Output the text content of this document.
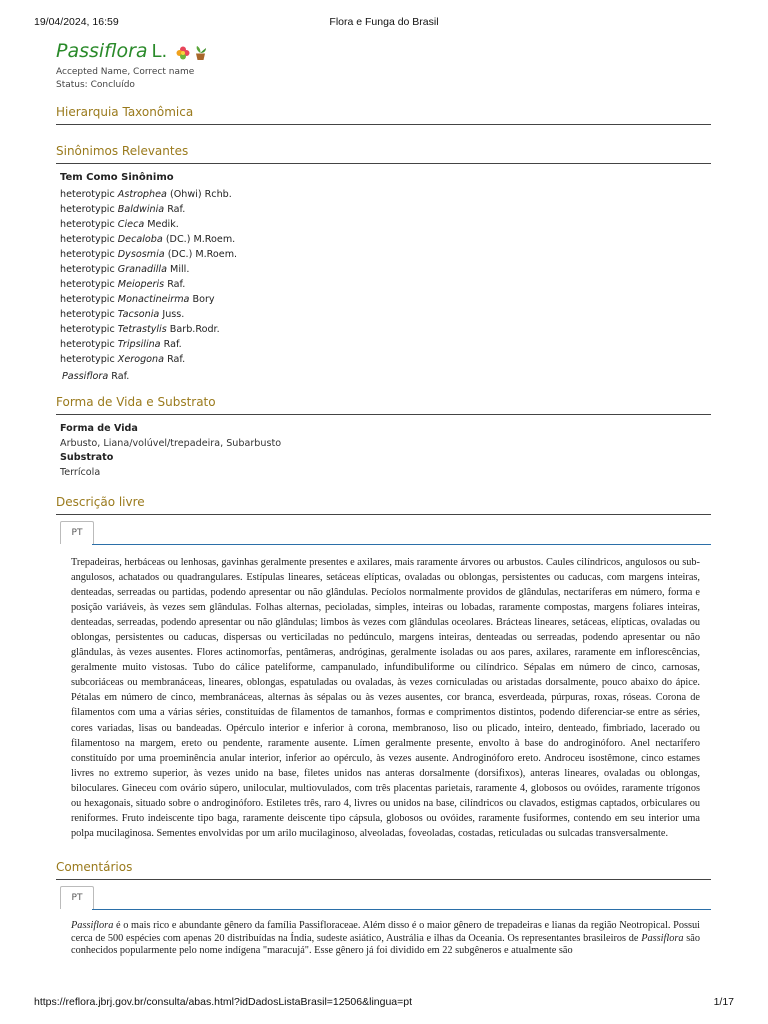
19/04/2024, 16:59	Flora e Funga do Brasil
Passiflora L.
Accepted Name, Correct name
Status: Concluído
Hierarquia Taxonômica
Sinônimos Relevantes
Tem Como Sinônimo
heterotypic Astrophea (Ohwi) Rchb.
heterotypic Baldwinia Raf.
heterotypic Cieca Medik.
heterotypic Decaloba (DC.) M.Roem.
heterotypic Dysosmia (DC.) M.Roem.
heterotypic Granadilla Mill.
heterotypic Meioperis Raf.
heterotypic Monactineirma Bory
heterotypic Tacsonia Juss.
heterotypic Tetrastylis Barb.Rodr.
heterotypic Tripsilina Raf.
heterotypic Xerogona Raf.
Passiflora Raf.
Forma de Vida e Substrato
Forma de Vida
Arbusto, Liana/volúvel/trepadeira, Subarbusto
Substrato
Terrícola
Descrição livre
PT
Trepadeiras, herbáceas ou lenhosas, gavinhas geralmente presentes e axilares, mais raramente árvores ou arbustos. Caules cilíndricos, angulosos ou sub-angulosos, achatados ou quadrangulares. Estípulas lineares, setáceas elípticas, ovaladas ou oblongas, persistentes ou caducas, com margens inteiras, denteadas, serreadas ou partidas, podendo apresentar ou não glândulas. Pecíolos normalmente providos de glândulas, nectaríferas em número, forma e posição variáveis, às vezes sem glândulas. Folhas alternas, pecioladas, simples, inteiras ou lobadas, raramente compostas, margens foliares inteiras, denteadas, serreadas, podendo apresentar ou não glândulas; limbos às vezes com glândulas oceolares. Brácteas lineares, setáceas, elípticas, ovaladas ou oblongas, persistentes ou caducas, dispersas ou verticiladas no pedúnculo, margens inteiras, denteadas ou serreadas, podendo apresentar ou não glândulas, às vezes ausentes. Flores actinomorfas, pentâmeras, andróginas, geralmente isoladas ou aos pares, axilares, raramente em inflorescências, geralmente muito vistosas. Tubo do cálice pateliforme, campanulado, infundibuliforme ou cilíndrico. Sépalas em número de cinco, carnosas, subcoriáceas ou membranáceas, lineares, oblongas, espatuladas ou ovaladas, às vezes corniculadas ou aristadas dorsalmente, pouco abaixo do ápice. Pétalas em número de cinco, membranáceas, alternas às sépalas ou às vezes ausentes, cor branca, esverdeada, púrpuras, roxas, róseas. Corona de filamentos com uma a várias séries, constituídas de filamentos de tamanhos, formas e comprimentos distintos, podendo diferenciar-se entre as séries, cores variadas, lisas ou bandeadas. Opérculo interior e inferior à corona, membranoso, liso ou plicado, inteiro, denteado, fimbriado, lacerado ou filamentoso na margem, ereto ou pendente, raramente ausente. Límen geralmente presente, envolto à base do androginóforo. Anel nectarífero constituído por uma proeminência anular interior, inferior ao opérculo, às vezes ausente. Androginóforo ereto. Androceu isostêmone, cinco estames livres no extremo superior, às vezes unido na base, filetes unidos nas anteras dorsalmente (dorsifixos), anteras lineares, ovaladas ou oblongas, biloculares. Gineceu com ovário súpero, unilocular, multiovulados, com três placentas parietais, raramente 4, globosos ou ovóides, raramente trígonos ou hexagonais, situado sobre o androginóforo. Estiletes três, raro 4, livres ou unidos na base, cilíndricos ou clavados, estigmas captados, orbiculares ou reniformes. Fruto indeiscente tipo baga, raramente deiscente tipo cápsula, globosos ou ovóides, raramente fusiformes, contendo em seu interior uma polpa mucilaginosa. Sementes envolvidas por um arilo mucilaginoso, alveoladas, foveoladas, costadas, reticuladas ou sulcadas transversalmente.
Comentários
PT
Passiflora é o mais rico e abundante gênero da família Passifloraceae. Além disso é o maior gênero de trepadeiras e lianas da região Neotropical. Possui cerca de 500 espécies com apenas 20 distribuídas na Índia, sudeste asiático, Austrália e ilhas da Oceania. Os representantes brasileiros de Passiflora são conhecidos popularmente pelo nome indígena "maracujá". Esse gênero já foi dividido em 22 subgêneros e atualmente são
https://reflora.jbrj.gov.br/consulta/abas.html?idDadosListaBrasil=12506&lingua=pt	1/17
